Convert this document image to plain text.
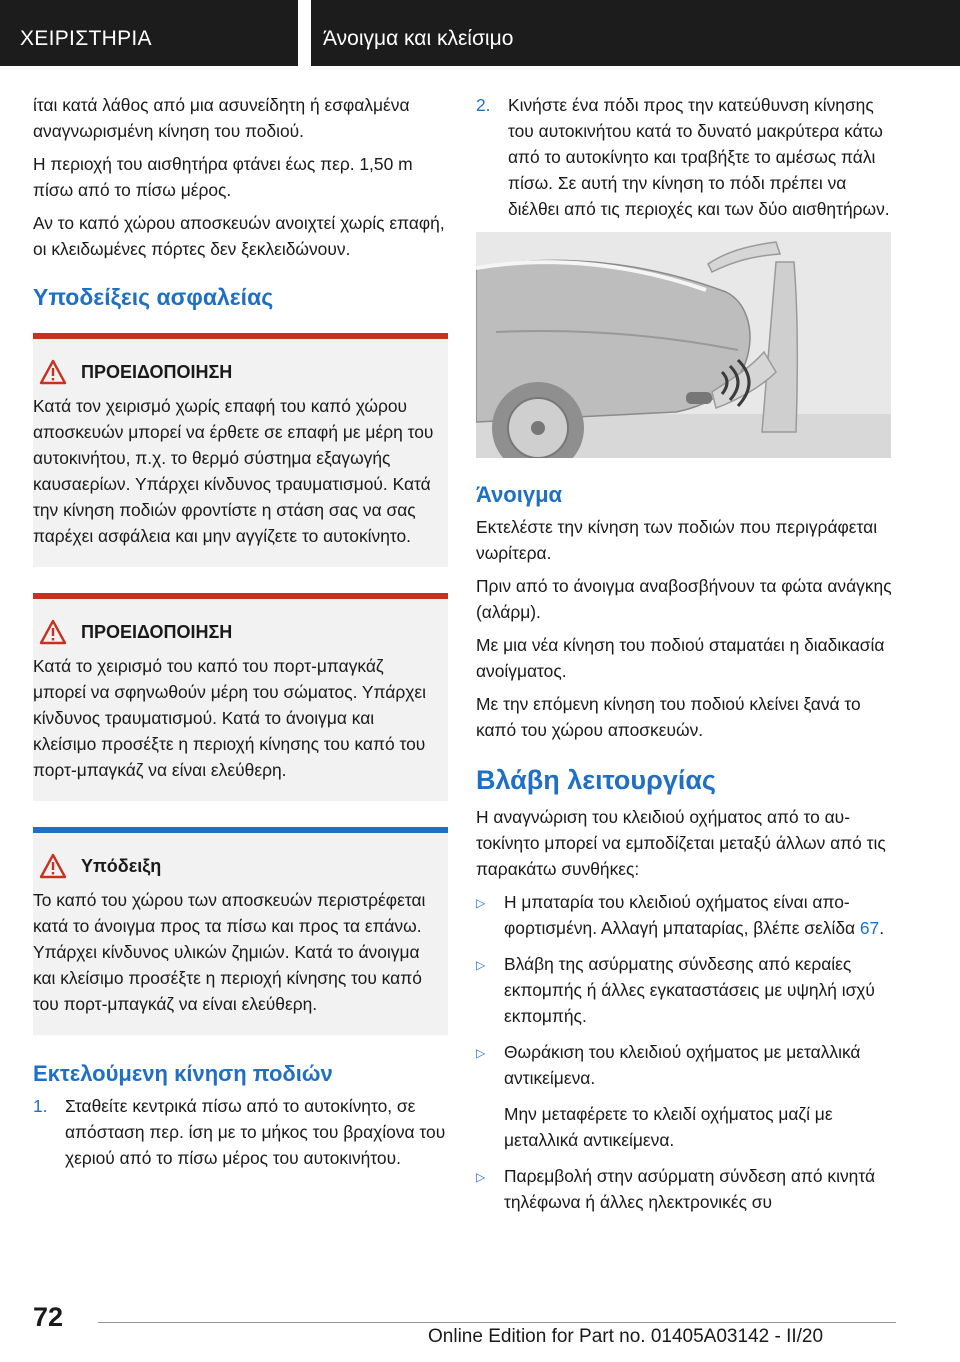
ΧΕΙΡΙΣΤΗΡΙΑ	Άνοιγμα και κλείσιμο

ίται κατά λάθος από μια ασυνείδητη ή εσφαλμένα αναγνωρισμένη κίνηση του ποδιού.

Η περιοχή του αισθητήρα φτάνει έως περ. 1,50 m πίσω από το πίσω μέρος.

Αν το καπό χώρου αποσκευών ανοιχτεί χωρίς επαφή, οι κλειδωμένες πόρτες δεν ξεκλειδώνουν.

Υποδείξεις ασφαλείας
ΠΡΟΕΙΔΟΠΟΙΗΣΗ

Κατά τον χειρισμό χωρίς επαφή του καπό χώρου αποσκευών μπορεί να έρθετε σε επαφή με μέρη του αυτοκινήτου, π.χ. το θερμό σύστημα εξαγωγής καυσαερίων. Υπάρχει κίνδυνος τραυματισμού. Κατά την κίνηση ποδιών φροντίστε η στάση σας να σας παρέχει ασφάλεια και μην αγγίζετε το αυτοκίνητο.

ΠΡΟΕΙΔΟΠΟΙΗΣΗ

Κατά το χειρισμό του καπό του πορτ-μπαγκάζ μπορεί να σφηνωθούν μέρη του σώματος. Υπάρχει κίνδυνος τραυματισμού. Κατά το άνοιγμα και κλείσιμο προσέξτε η περιοχή κίνησης του καπό του πορτ-μπαγκάζ να είναι ελεύθερη.

Υπόδειξη

Το καπό του χώρου των αποσκευών περιστρέφεται κατά το άνοιγμα προς τα πίσω και προς τα επάνω. Υπάρχει κίνδυνος υλικών ζημιών. Κατά το άνοιγμα και κλείσιμο προσέξτε η περιοχή κίνησης του καπό του πορτ-μπαγκάζ να είναι ελεύθερη.

Εκτελούμενη κίνηση ποδιών
1.	Σταθείτε κεντρικά πίσω από το αυτοκίνητο, σε απόσταση περ. ίση με το μήκος του βραχίονα του χεριού από το πίσω μέρος του αυτοκινήτου.
2.	Κινήστε ένα πόδι προς την κατεύθυνση κίνησης του αυτοκινήτου κατά το δυνατό μακρύτερα κάτω από το αυτοκίνητο και τραβήξτε το αμέσως πάλι πίσω. Σε αυτή την κίνηση το πόδι πρέπει να διέλθει από τις περιοχές και των δύο αισθητήρων.
Άνοιγμα

Εκτελέστε την κίνηση των ποδιών που περιγράφεται νωρίτερα.

Πριν από το άνοιγμα αναβοσβήνουν τα φώτα ανάγκης (αλάρμ).

Με μια νέα κίνηση του ποδιού σταματάει η διαδικασία ανοίγματος.

Με την επόμενη κίνηση του ποδιού κλείνει ξανά το καπό του χώρου αποσκευών.

Βλάβη λειτουργίας

Η αναγνώριση του κλειδιού οχήματος από το αυτοκίνητο μπορεί να εμποδίζεται μεταξύ άλλων από τις παρακάτω συνθήκες:

▷	Η μπαταρία του κλειδιού οχήματος είναι αποφορτισμένη. Αλλαγή μπαταρίας, βλέπε σελίδα 67.
▷	Βλάβη της ασύρματης σύνδεσης από κεραίες εκπομπής ή άλλες εγκαταστάσεις με υψηλή ισχύ εκπομπής.
▷	Θωράκιση του κλειδιού οχήματος με μεταλλικά αντικείμενα.
Μην μεταφέρετε το κλειδί οχήματος μαζί με μεταλλικά αντικείμενα.
▷	Παρεμβολή στην ασύρματη σύνδεση από κινητά τηλέφωνα ή άλλες ηλεκτρονικές συ
72
Online Edition for Part no. 01405A03142 - II/20
